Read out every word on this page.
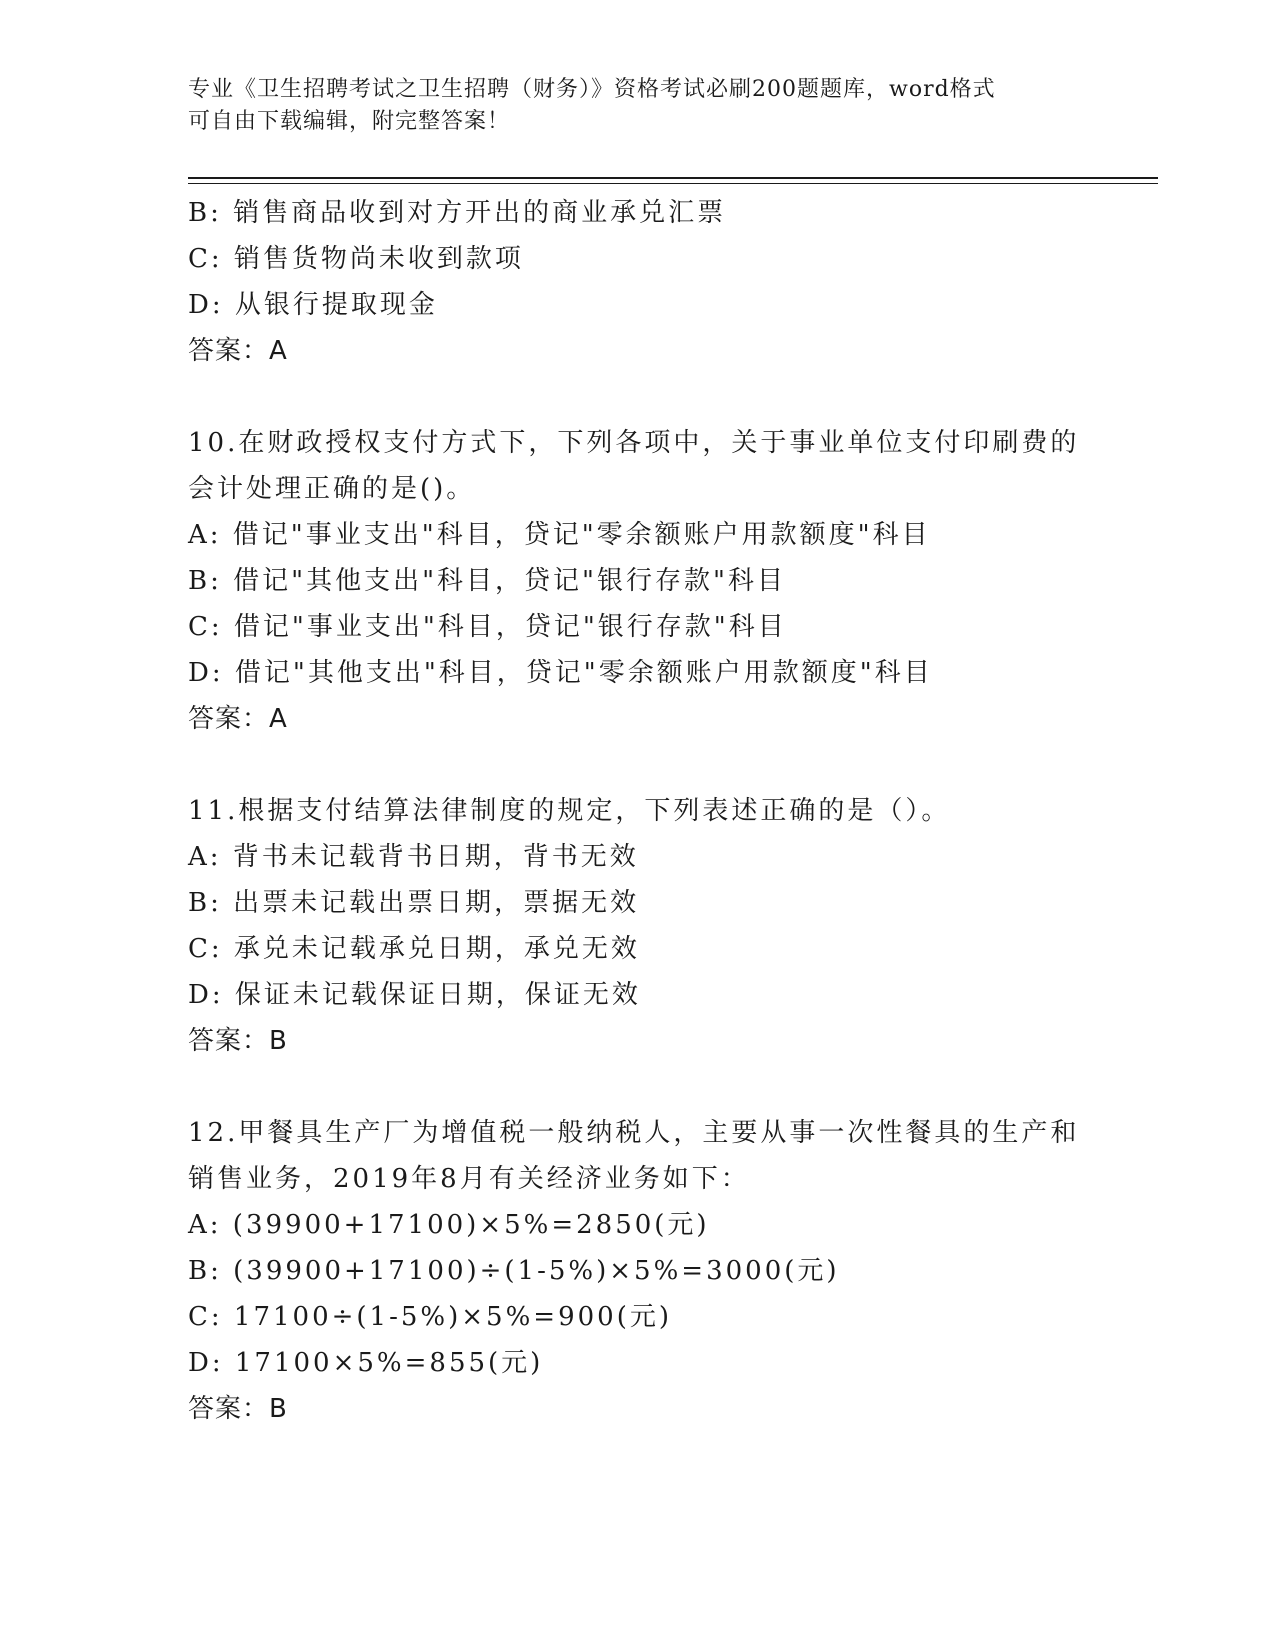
专业《卫生招聘考试之卫生招聘（财务）》资格考试必刷200题题库，word格式
可自由下载编辑，附完整答案！
B: 销售商品收到对方开出的商业承兑汇票
C: 销售货物尚未收到款项
D: 从银行提取现金
答案：A
10.在财政授权支付方式下，下列各项中，关于事业单位支付印刷费的
会计处理正确的是()。
A: 借记"事业支出"科目，贷记"零余额账户用款额度"科目
B: 借记"其他支出"科目，贷记"银行存款"科目
C: 借记"事业支出"科目，贷记"银行存款"科目
D: 借记"其他支出"科目，贷记"零余额账户用款额度"科目
答案：A
11.根据支付结算法律制度的规定，下列表述正确的是（）。
A: 背书未记载背书日期，背书无效
B: 出票未记载出票日期，票据无效
C: 承兑未记载承兑日期，承兑无效
D: 保证未记载保证日期，保证无效
答案：B
12.甲餐具生产厂为增值税一般纳税人，主要从事一次性餐具的生产和
销售业务，2019年8月有关经济业务如下：
A: (39900+17100)×5%=2850(元)
B: (39900+17100)÷(1-5%)×5%=3000(元)
C: 17100÷(1-5%)×5%=900(元)
D: 17100×5%=855(元)
答案：B
